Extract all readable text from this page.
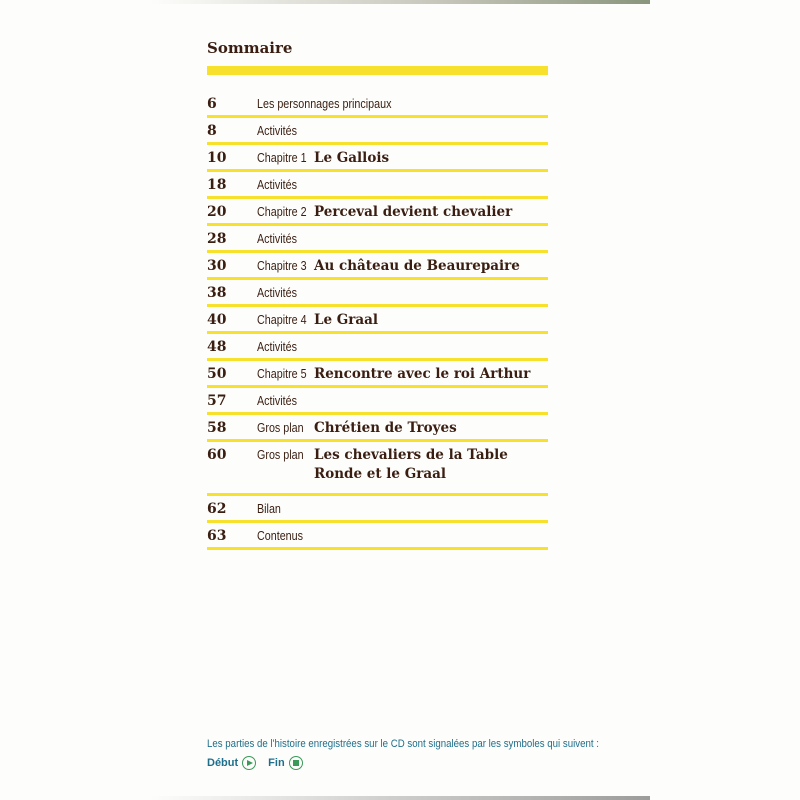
Sommaire
6	Les personnages principaux
8	Activités
10 Chapitre 1 Le Gallois
18 Activités
20 Chapitre 2 Perceval devient chevalier
28 Activités
30 Chapitre 3 Au château de Beaurepaire
38 Activités
40 Chapitre 4 Le Graal
48 Activités
50 Chapitre 5 Rencontre avec le roi Arthur
57 Activités
58 Gros plan Chrétien de Troyes
60 Gros plan Les chevaliers de la Table Ronde et le Graal
62 Bilan
63 Contenus
Les parties de l'histoire enregistrées sur le CD sont signalées par les symboles qui suivent :
Début	Fin
